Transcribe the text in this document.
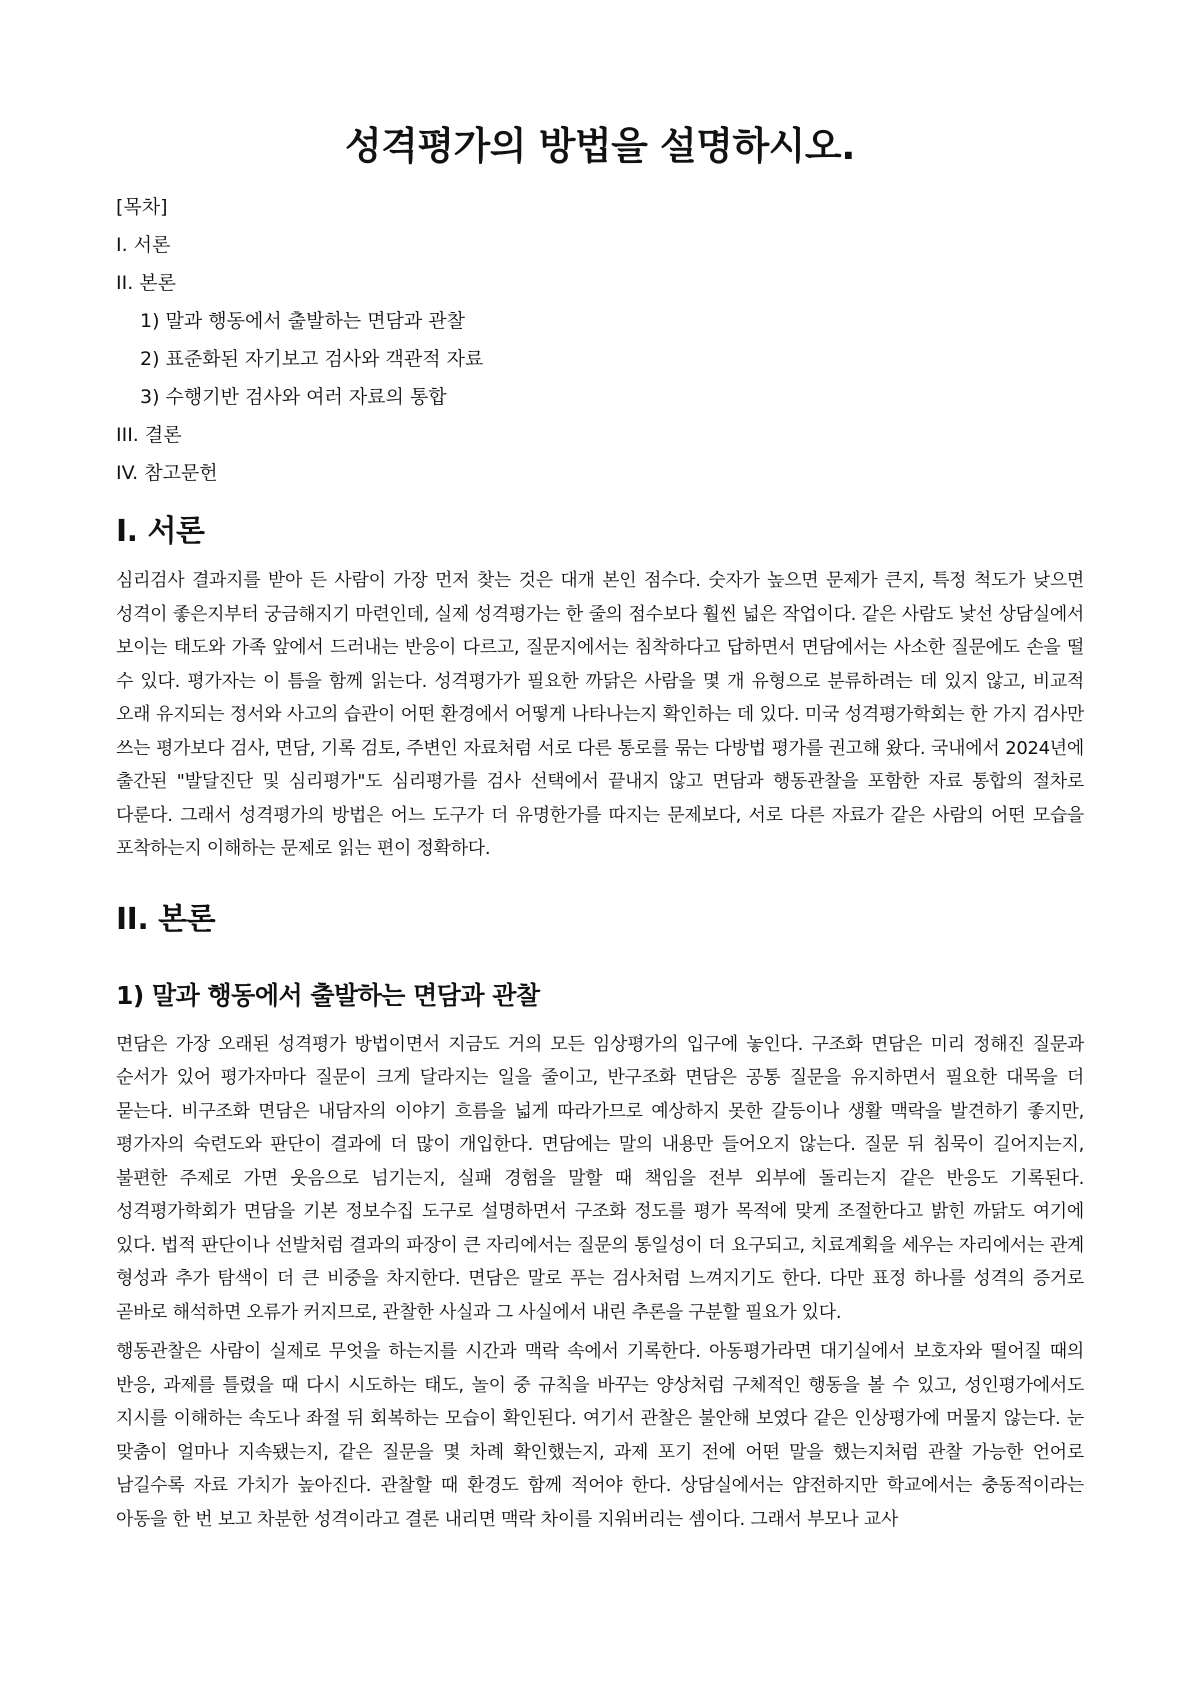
성격평가의 방법을 설명하시오.
[목차]
I. 서론
II. 본론
1) 말과 행동에서 출발하는 면담과 관찰
2) 표준화된 자기보고 검사와 객관적 자료
3) 수행기반 검사와 여러 자료의 통합
III. 결론
IV. 참고문헌
I. 서론

심리검사 결과지를 받아 든 사람이 가장 먼저 찾는 것은 대개 본인 점수다. 숫자가 높으면 문제가 큰지, 특정 척도가 낮으면 성격이 좋은지부터 궁금해지기 마련인데, 실제 성격평가는 한 줄의 점수보다 훨씬 넓은 작업이다. 같은 사람도 낯선 상담실에서 보이는 태도와 가족 앞에서 드러내는 반응이 다르고, 질문지에서는 침착하다고 답하면서 면담에서는 사소한 질문에도 손을 떨 수 있다. 평가자는 이 틈을 함께 읽는다. 성격평가가 필요한 까닭은 사람을 몇 개 유형으로 분류하려는 데 있지 않고, 비교적 오래 유지되는 정서와 사고의 습관이 어떤 환경에서 어떻게 나타나는지 확인하는 데 있다. 미국 성격평가학회는 한 가지 검사만 쓰는 평가보다 검사, 면담, 기록 검토, 주변인 자료처럼 서로 다른 통로를 묶는 다방법 평가를 권고해 왔다. 국내에서 2024년에 출간된 "발달진단 및 심리평가"도 심리평가를 검사 선택에서 끝내지 않고 면담과 행동관찰을 포함한 자료 통합의 절차로 다룬다. 그래서 성격평가의 방법은 어느 도구가 더 유명한가를 따지는 문제보다, 서로 다른 자료가 같은 사람의 어떤 모습을 포착하는지 이해하는 문제로 읽는 편이 정확하다.

II. 본론
1) 말과 행동에서 출발하는 면담과 관찰

면담은 가장 오래된 성격평가 방법이면서 지금도 거의 모든 임상평가의 입구에 놓인다. 구조화 면담은 미리 정해진 질문과 순서가 있어 평가자마다 질문이 크게 달라지는 일을 줄이고, 반구조화 면담은 공통 질문을 유지하면서 필요한 대목을 더 묻는다. 비구조화 면담은 내담자의 이야기 흐름을 넓게 따라가므로 예상하지 못한 갈등이나 생활 맥락을 발견하기 좋지만, 평가자의 숙련도와 판단이 결과에 더 많이 개입한다. 면담에는 말의 내용만 들어오지 않는다. 질문 뒤 침묵이 길어지는지, 불편한 주제로 가면 웃음으로 넘기는지, 실패 경험을 말할 때 책임을 전부 외부에 돌리는지 같은 반응도 기록된다. 성격평가학회가 면담을 기본 정보수집 도구로 설명하면서 구조화 정도를 평가 목적에 맞게 조절한다고 밝힌 까닭도 여기에 있다. 법적 판단이나 선발처럼 결과의 파장이 큰 자리에서는 질문의 통일성이 더 요구되고, 치료계획을 세우는 자리에서는 관계 형성과 추가 탐색이 더 큰 비중을 차지한다. 면담은 말로 푸는 검사처럼 느껴지기도 한다. 다만 표정 하나를 성격의 증거로 곧바로 해석하면 오류가 커지므로, 관찰한 사실과 그 사실에서 내린 추론을 구분할 필요가 있다.

행동관찰은 사람이 실제로 무엇을 하는지를 시간과 맥락 속에서 기록한다. 아동평가라면 대기실에서 보호자와 떨어질 때의 반응, 과제를 틀렸을 때 다시 시도하는 태도, 놀이 중 규칙을 바꾸는 양상처럼 구체적인 행동을 볼 수 있고, 성인평가에서도 지시를 이해하는 속도나 좌절 뒤 회복하는 모습이 확인된다. 여기서 관찰은 불안해 보였다 같은 인상평가에 머물지 않는다. 눈 맞춤이 얼마나 지속됐는지, 같은 질문을 몇 차례 확인했는지, 과제 포기 전에 어떤 말을 했는지처럼 관찰 가능한 언어로 남길수록 자료 가치가 높아진다. 관찰할 때 환경도 함께 적어야 한다. 상담실에서는 얌전하지만 학교에서는 충동적이라는 아동을 한 번 보고 차분한 성격이라고 결론 내리면 맥락 차이를 지워버리는 셈이다. 그래서 부모나 교사
